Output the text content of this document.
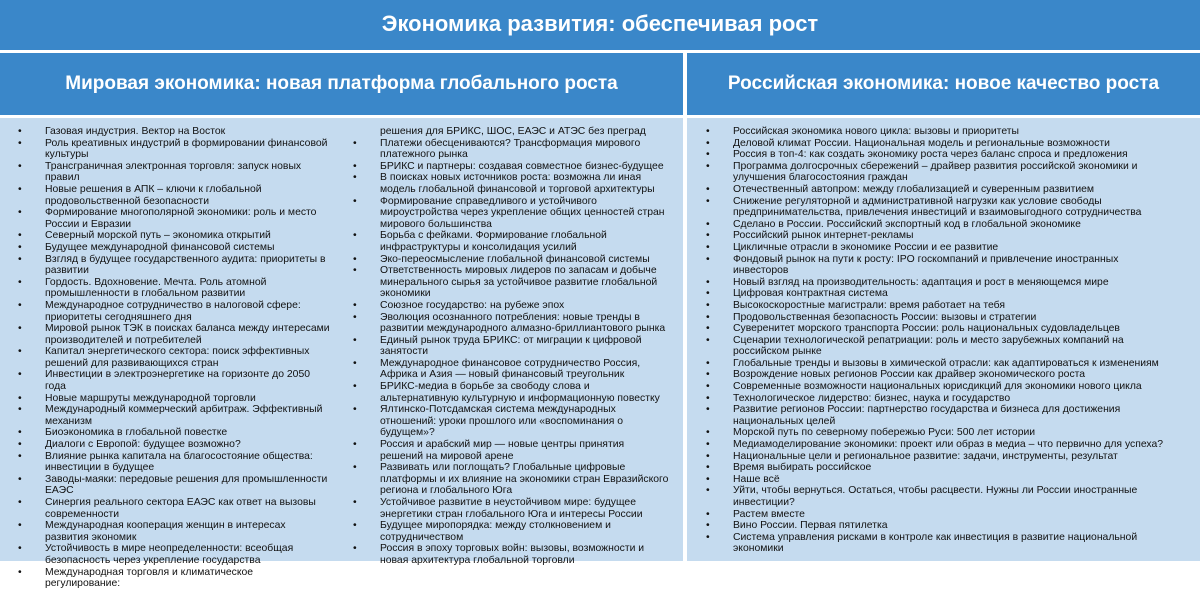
Экономика развития: обеспечивая рост
Мировая экономика: новая платформа глобального роста	Российская экономика: новое качество роста
• Газовая индустрия. Вектор на Восток
• Роль креативных индустрий в формировании финансовой культуры
• Трансграничная электронная торговля: запуск новых правил
• Новые решения в АПК – ключи к глобальной продовольственной безопасности
• Формирование многополярной экономики: роль и место России и Евразии
• Северный морской путь – экономика открытий
• Будущее международной финансовой системы
• Взгляд в будущее государственного аудита: приоритеты в развитии
• Гордость. Вдохновение. Мечта. Роль атомной промышленности в глобальном развитии
• Международное сотрудничество в налоговой сфере: приоритеты сегодняшнего дня
• Мировой рынок ТЭК в поисках баланса между интересами производителей и потребителей
• Капитал энергетического сектора: поиск эффективных решений для развивающихся стран
• Инвестиции в электроэнергетике на горизонте до 2050 года
• Новые маршруты международной торговли
• Международный коммерческий арбитраж. Эффективный механизм
• Биоэкономика в глобальной повестке
• Диалоги с Европой: будущее возможно?
• Влияние рынка капитала на благосостояние общества: инвестиции в будущее
• Заводы-маяки: передовые решения для промышленности ЕАЭС
• Синергия реального сектора ЕАЭС как ответ на вызовы современности
• Международная кооперация женщин в интересах развития экономик
• Устойчивость в мире неопределенности: всеобщая безопасность через укрепление государства
• Международная торговля и климатическое регулирование:
решения для БРИКС, ШОС, ЕАЭС и АТЭС без преград
• Платежи обесцениваются? Трансформация мирового платежного рынка
• БРИКС и партнеры: создавая совместное бизнес-будущее
• В поисках новых источников роста: возможна ли иная модель глобальной финансовой и торговой архитектуры
• Формирование справедливого и устойчивого мироустройства через укрепление общих ценностей стран мирового большинства
• Борьба с фейками. Формирование глобальной инфраструктуры и консолидация усилий
• Эко-переосмысление глобальной финансовой системы
• Ответственность мировых лидеров по запасам и добыче минерального сырья за устойчивое развитие глобальной экономики
• Союзное государство: на рубеже эпох
• Эволюция осознанного потребления: новые тренды в развитии международного алмазно-бриллиантового рынка
• Единый рынок труда БРИКС: от миграции к цифровой занятости
• Международное финансовое сотрудничество Россия, Африка и Азия — новый финансовый треугольник
• БРИКС-медиа в борьбе за свободу слова и альтернативную культурную и информационную повестку
• Ялтинско-Потсдамская система международных отношений: уроки прошлого или «воспоминания о будущем»?
• Россия и арабский мир — новые центры принятия решений на мировой арене
• Развивать или поглощать? Глобальные цифровые платформы и их влияние на экономики стран Евразийского региона и глобального Юга
• Устойчивое развитие в неустойчивом мире: будущее энергетики стран глобального Юга и интересы России
• Будущее миропорядка: между столкновением и сотрудничеством
• Россия в эпоху торговых войн: вызовы, возможности и новая архитектура глобальной торговли
• Российская экономика нового цикла: вызовы и приоритеты
• Деловой климат России. Национальная модель и региональные возможности
• Россия в топ-4: как создать экономику роста через баланс спроса и предложения
• Программа долгосрочных сбережений – драйвер развития российской экономики и улучшения благосостояния граждан
• Отечественный автопром: между глобализацией и суверенным развитием
• Снижение регуляторной и административной нагрузки как условие свободы предпринимательства, привлечения инвестиций и взаимовыгодного сотрудничества
• Сделано в России. Российский экспортный код в глобальной экономике
• Российский рынок интернет-рекламы
• Цикличные отрасли в экономике России и ее развитие
• Фондовый рынок на пути к росту: IPO госкомпаний и привлечение иностранных инвесторов
• Новый взгляд на производительность: адаптация и рост в меняющемся мире
• Цифровая контрактная система
• Высокоскоростные магистрали: время работает на тебя
• Продовольственная безопасность России: вызовы и стратегии
• Суверенитет морского транспорта России: роль национальных судовладельцев
• Сценарии технологической репатриации: роль и место зарубежных компаний на российском рынке
• Глобальные тренды и вызовы в химической отрасли: как адаптироваться к изменениям
• Возрождение новых регионов России как драйвер экономического роста
• Современные возможности национальных юрисдикций для экономики нового цикла
• Технологическое лидерство: бизнес, наука и государство
• Развитие регионов России: партнерство государства и бизнеса для достижения национальных целей
• Морской путь по северному побережью Руси: 500 лет истории
• Медиамоделирование экономики: проект или образ в медиа – что первично для успеха?
• Национальные цели и региональное развитие: задачи, инструменты, результат
• Время выбирать российское
• Наше всё
• Уйти, чтобы вернуться. Остаться, чтобы расцвести. Нужны ли России иностранные инвестиции?
• Растем вместе
• Вино России. Первая пятилетка
• Система управления рисками в контроле как инвестиция в развитие национальной экономики
